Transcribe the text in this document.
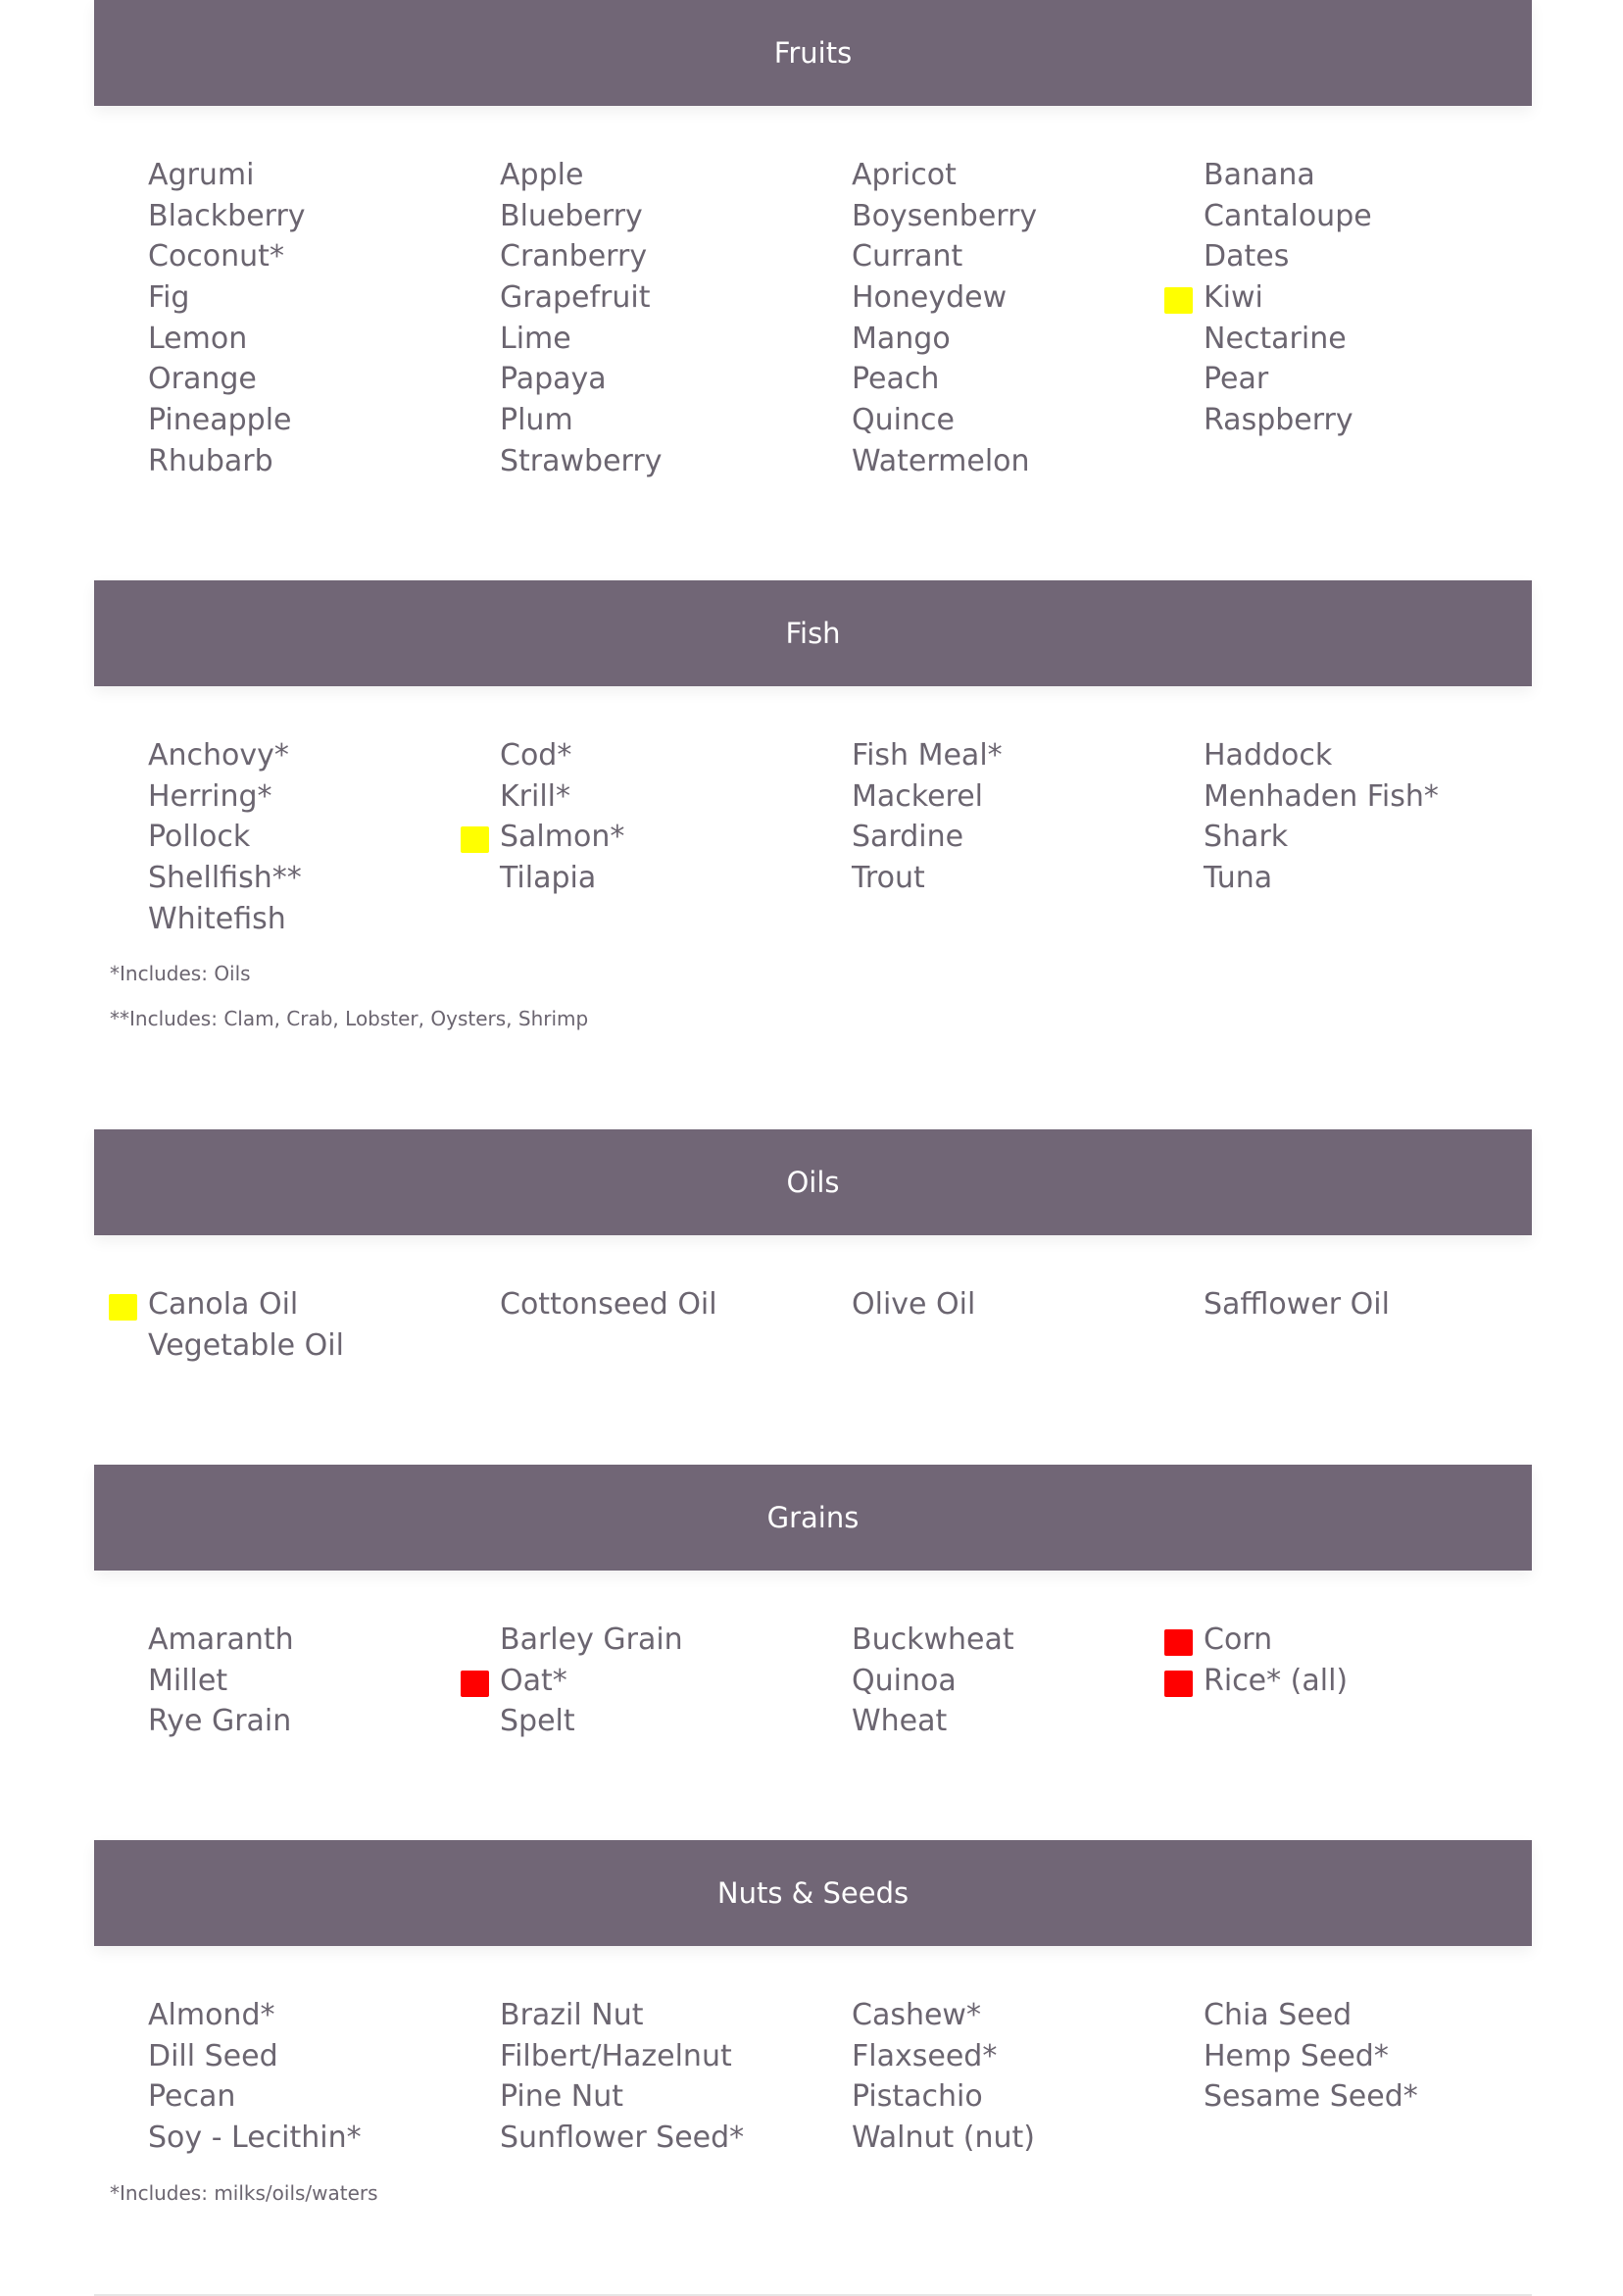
Fruits
Agrumi	Apple	Apricot	Banana
Blackberry	Blueberry	Boysenberry	Cantaloupe
Coconut*	Cranberry	Currant	Dates
Fig	Grapefruit	Honeydew	Kiwi
Lemon	Lime	Mango	Nectarine
Orange	Papaya	Peach	Pear
Pineapple	Plum	Quince	Raspberry
Rhubarb	Strawberry	Watermelon
Fish
Anchovy*	Cod*	Fish Meal*	Haddock
Herring*	Krill*	Mackerel	Menhaden Fish*
Pollock	Salmon*	Sardine	Shark
Shellfish**	Tilapia	Trout	Tuna
Whitefish
*Includes: Oils
**Includes: Clam, Crab, Lobster, Oysters, Shrimp
Oils
Canola Oil	Cottonseed Oil	Olive Oil	Safflower Oil
Vegetable Oil
Grains
Amaranth	Barley Grain	Buckwheat	Corn
Millet	Oat*	Quinoa	Rice* (all)
Rye Grain	Spelt	Wheat
Nuts & Seeds
Almond*	Brazil Nut	Cashew*	Chia Seed
Dill Seed	Filbert/Hazelnut	Flaxseed*	Hemp Seed*
Pecan	Pine Nut	Pistachio	Sesame Seed*
Soy - Lecithin*	Sunflower Seed*	Walnut (nut)
*Includes: milks/oils/waters
